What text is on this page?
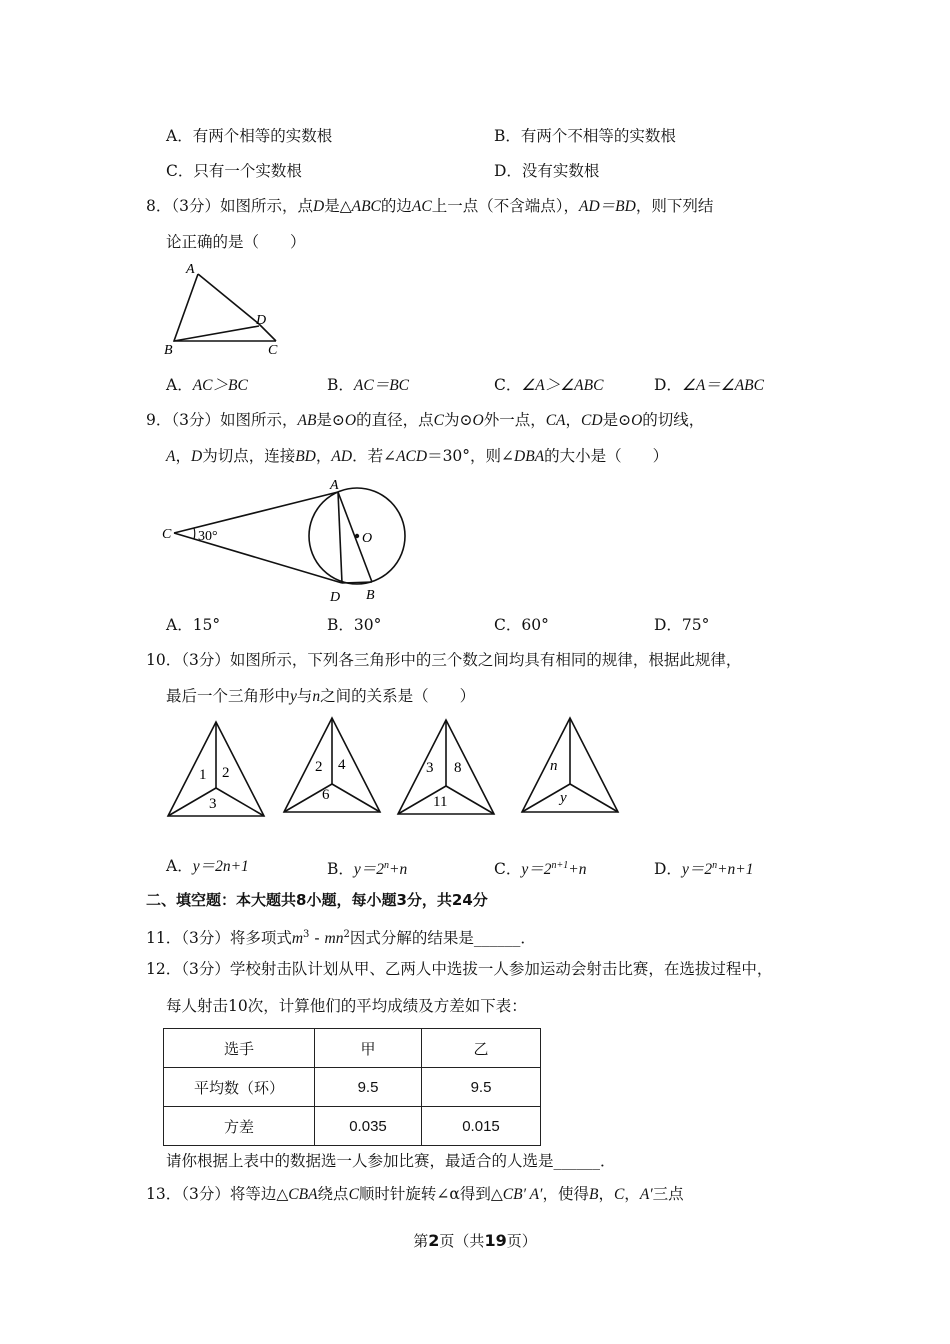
A．有两个相等的实数根	B．有两个不相等的实数根
C．只有一个实数根	D．没有实数根
8．（3分）如图所示，点D是△ABC的边AC上一点（不含端点），AD＝BD，则下列结
论正确的是（　　）
A
B	C
D
A．AC＞BC	B．AC＝BC	C．∠A＞∠ABC	D．∠A＝∠ABC
9．（3分）如图所示，AB是⊙O的直径，点C为⊙O外一点，CA，CD是⊙O的切线，
A，D为切点，连接BD，AD．若∠ACD＝30°，则∠DBA的大小是（　　）
C 30°
A
O
D B
A．15°	B．30°	C．60°	D．75°
10．（3分）如图所示，下列各三角形中的三个数之间均具有相同的规律，根据此规律，
最后一个三角形中y与n之间的关系是（　　）
1 2
3
2 4
6
3 8
11
n
y
A．y＝2n+1	B．$y=2^n+n$	C．$y=2^{n+1}+n$	D．$y=2^n+n+1$
二、填空题：本大题共8小题，每小题3分，共24分
11．（3分）将多项式$m^3 - mn^2$因式分解的结果是______．
12．（3分）学校射击队计划从甲、乙两人中选拔一人参加运动会射击比赛，在选拔过程中，
每人射击10次，计算他们的平均成绩及方差如下表：
选手	甲	乙
平均数（环）	9.5	9.5
方差	0.035	0.015
请你根据上表中的数据选一人参加比赛，最适合的人选是______．
13．（3分）将等边△CBA绕点C顺时针旋转∠α得到△CB′ A′，使得B，C，A′三点
第2页（共19页）
